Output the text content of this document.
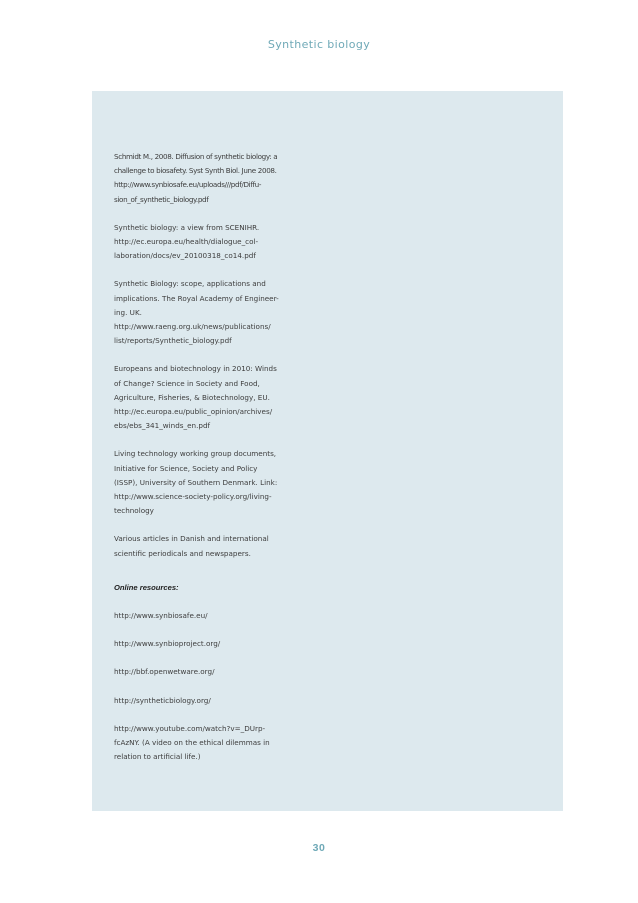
Synthetic biology
Schmidt M., 2008. Diffusion of synthetic biology: a
challenge to biosafety. Syst Synth Biol. June 2008.
http://www.synbiosafe.eu/uploads///pdf/Diffu-
sion_of_synthetic_biology.pdf
Synthetic biology: a view from SCENIHR.
http://ec.europa.eu/health/dialogue_col-
laboration/docs/ev_20100318_co14.pdf
Synthetic Biology: scope, applications and
implications. The Royal Academy of Engineer-
ing. UK.
http://www.raeng.org.uk/news/publications/
list/reports/Synthetic_biology.pdf
Europeans and biotechnology in 2010: Winds
of Change? Science in Society and Food,
Agriculture, Fisheries, & Biotechnology, EU.
http://ec.europa.eu/public_opinion/archives/
ebs/ebs_341_winds_en.pdf
Living technology working group documents,
Initiative for Science, Society and Policy
(ISSP), University of Southern Denmark. Link:
http://www.science-society-policy.org/living-
technology
Various articles in Danish and international
scientific periodicals and newspapers.
Online resources:
http://www.synbiosafe.eu/
http://www.synbioproject.org/
http://bbf.openwetware.org/
http://syntheticbiology.org/
http://www.youtube.com/watch?v=_DUrp-
fcAzNY. (A video on the ethical dilemmas in
relation to artificial life.)
30
